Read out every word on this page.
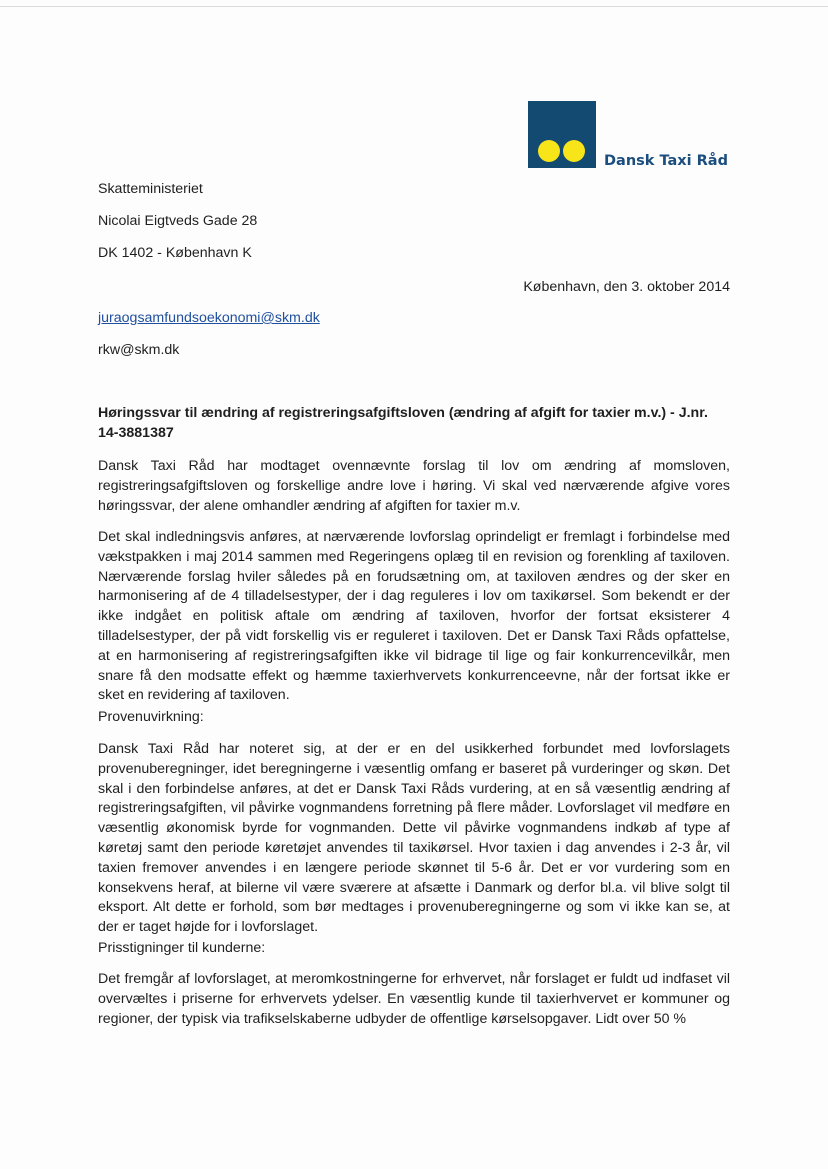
Dansk Taxi Råd
Skatteministeriet
Nicolai Eigtveds Gade 28
DK 1402 - København K
København, den 3. oktober 2014
juraogsamfundsoekonomi@skm.dk
rkw@skm.dk
Høringssvar til ændring af registreringsafgiftsloven (ændring af afgift for taxier m.v.) - J.nr. 14-3881387
Dansk Taxi Råd har modtaget ovennævnte forslag til lov om ændring af momsloven, registreringsafgiftsloven og forskellige andre love i høring. Vi skal ved nærværende afgive vores høringssvar, der alene omhandler ændring af afgiften for taxier m.v.
Det skal indledningsvis anføres, at nærværende lovforslag oprindeligt er fremlagt i forbindelse med vækstpakken i maj 2014 sammen med Regeringens oplæg til en revision og forenkling af taxiloven. Nærværende forslag hviler således på en forudsætning om, at taxiloven ændres og der sker en harmonisering af de 4 tilladelsestyper, der i dag reguleres i lov om taxikørsel. Som bekendt er der ikke indgået en politisk aftale om ændring af taxiloven, hvorfor der fortsat eksisterer 4 tilladelsestyper, der på vidt forskellig vis er reguleret i taxiloven. Det er Dansk Taxi Råds opfattelse, at en harmonisering af registreringsafgiften ikke vil bidrage til lige og fair konkurrencevilkår, men snare få den modsatte effekt og hæmme taxierhvervets konkurrenceevne, når der fortsat ikke er sket en revidering af taxiloven.
Provenuvirkning:
Dansk Taxi Råd har noteret sig, at der er en del usikkerhed forbundet med lovforslagets provenuberegninger, idet beregningerne i væsentlig omfang er baseret på vurderinger og skøn. Det skal i den forbindelse anføres, at det er Dansk Taxi Råds vurdering, at en så væsentlig ændring af registreringsafgiften, vil påvirke vognmandens forretning på flere måder. Lovforslaget vil medføre en væsentlig økonomisk byrde for vognmanden. Dette vil påvirke vognmandens indkøb af type af køretøj samt den periode køretøjet anvendes til taxikørsel. Hvor taxien i dag anvendes i 2-3 år, vil taxien fremover anvendes i en længere periode skønnet til 5-6 år. Det er vor vurdering som en konsekvens heraf, at bilerne vil være sværere at afsætte i Danmark og derfor bl.a. vil blive solgt til eksport. Alt dette er forhold, som bør medtages i provenuberegningerne og som vi ikke kan se, at der er taget højde for i lovforslaget.
Prisstigninger til kunderne:
Det fremgår af lovforslaget, at meromkostningerne for erhvervet, når forslaget er fuldt ud indfaset vil overvæltes i priserne for erhvervets ydelser. En væsentlig kunde til taxierhvervet er kommuner og regioner, der typisk via trafikselskaberne udbyder de offentlige kørselsopgaver. Lidt over 50 %
